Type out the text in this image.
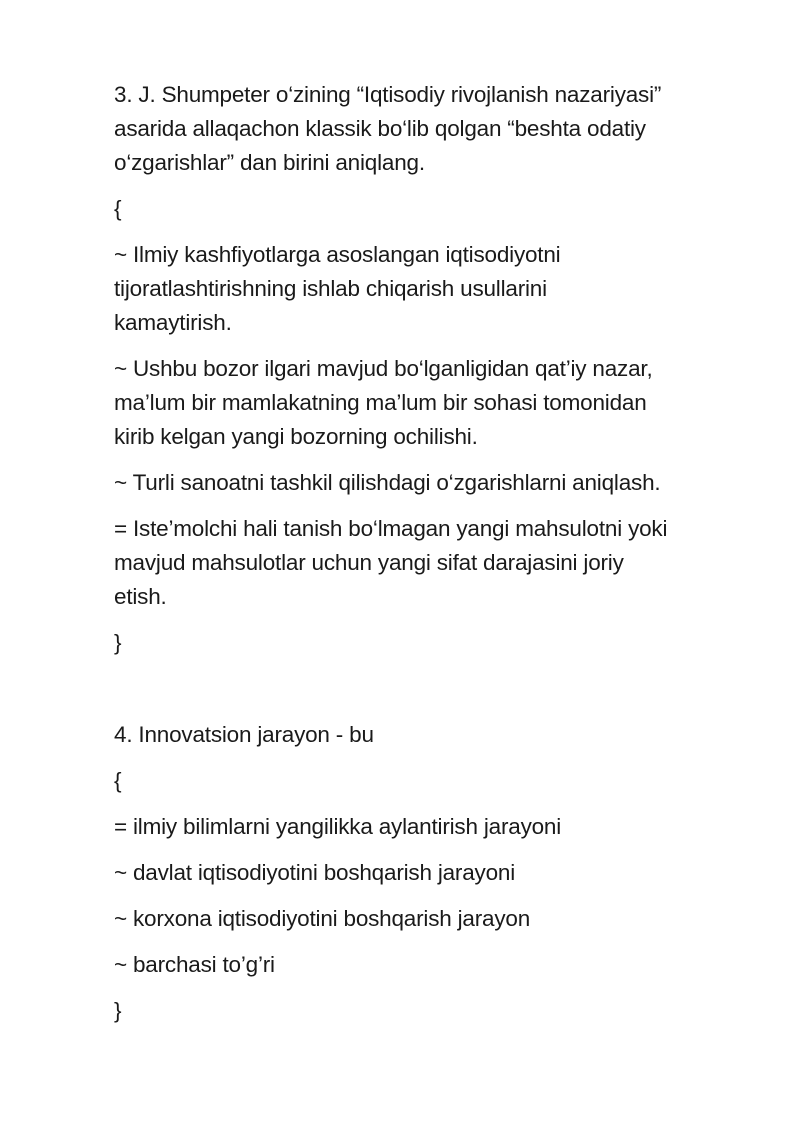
3. J. Shumpeter o‘zining “Iqtisodiy rivojlanish nazariyasi”
asarida allaqachon klassik bo‘lib qolgan “beshta odatiy
o‘zgarishlar” dan birini aniqlang.

{

~ Ilmiy kashfiyotlarga asoslangan iqtisodiyotni
tijoratlashtirishning ishlab chiqarish usullarini
kamaytirish.

~ Ushbu bozor ilgari mavjud bo‘lganligidan qat’iy nazar,
ma’lum bir mamlakatning ma’lum bir sohasi tomonidan
kirib kelgan yangi bozorning ochilishi.

~ Turli sanoatni tashkil qilishdagi o‘zgarishlarni aniqlash.

= Iste’molchi hali tanish bo‘lmagan yangi mahsulotni yoki
mavjud mahsulotlar uchun yangi sifat darajasini joriy
etish.

}

4. Innovatsion jarayon - bu

{

= ilmiy bilimlarni yangilikka aylantirish jarayoni

~ davlat iqtisodiyotini boshqarish jarayoni

~ korxona iqtisodiyotini boshqarish jarayon

~ barchasi to’g’ri

}
